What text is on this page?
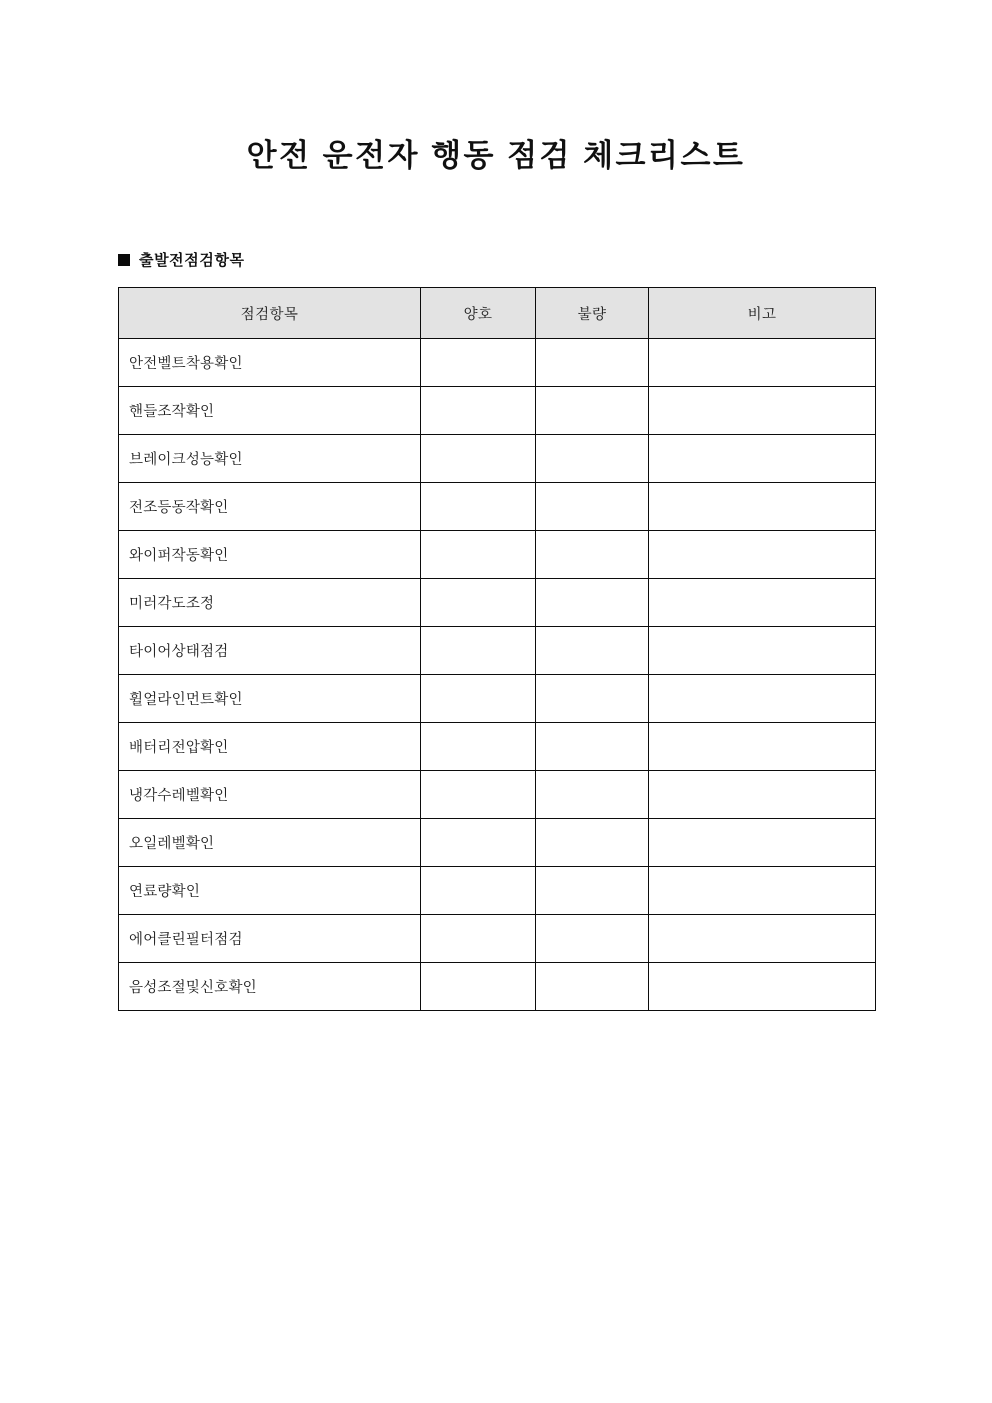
안전 운전자 행동 점검 체크리스트
출발전점검항목
점검항목	양호	불량	비고
안전벨트착용확인			
핸들조작확인			
브레이크성능확인			
전조등동작확인			
와이퍼작동확인			
미러각도조정			
타이어상태점검			
휠얼라인먼트확인			
배터리전압확인			
냉각수레벨확인			
오일레벨확인			
연료량확인			
에어클린필터점검			
음성조절및신호확인			
